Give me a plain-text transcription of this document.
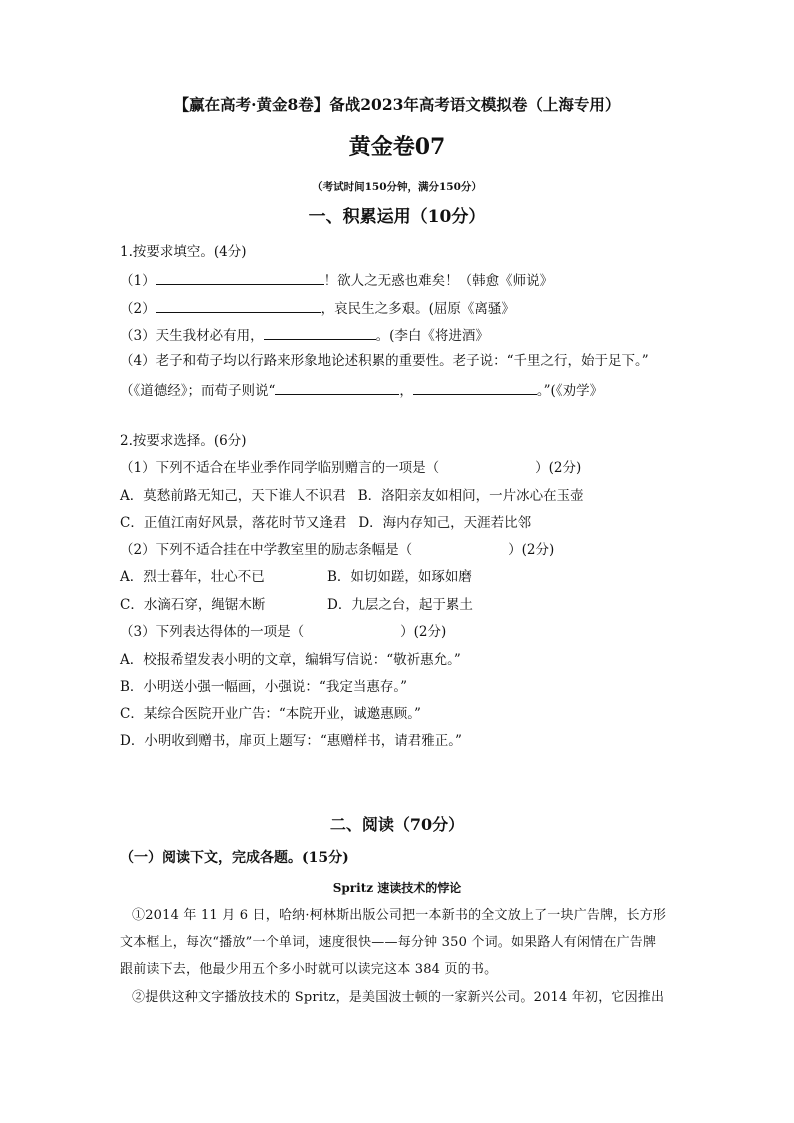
【赢在高考·黄金8卷】备战2023年高考语文模拟卷（上海专用）
黄金卷07
（考试时间150分钟，满分150分）
一、积累运用（10分）
1.按要求填空。(4分)
（1）	！欲人之无惑也难矣！（韩愈《师说》
（2）	，哀民生之多艰。(屈原《离骚》
（3）天生我材必有用，	。(李白《将进酒》
（4）老子和荀子均以行路来形象地论述积累的重要性。老子说：“千里之行，始于足下。”
（《道德经》；而荀子则说“	，	。”(《劝学》
2.按要求选择。(6分)
（1）下列不适合在毕业季作同学临别赠言的一项是（	）(2分)
A．莫愁前路无知己，天下谁人不识君 B．洛阳亲友如相问，一片冰心在玉壶
C．正值江南好风景，落花时节又逢君 D．海内存知己，天涯若比邻
（2）下列不适合挂在中学教室里的励志条幅是（	）(2分)
A．烈士暮年，壮心不已	B．如切如蹉，如琢如磨
C．水滴石穿，绳锯木断	D．九层之台，起于累土
（3）下列表达得体的一项是（	）(2分)
A．校报希望发表小明的文章，编辑写信说：“敬祈惠允。”
B．小明送小强一幅画，小强说：“我定当惠存。”
C．某综合医院开业广告：“本院开业，诚邀惠顾。”
D．小明收到赠书，扉页上题写：“惠赠样书，请君雅正。”
二、阅读（70分）
（一）阅读下文，完成各题。(15分)
Spritz 速读技术的悖论
①2014 年 11 月 6 日，哈纳·柯林斯出版公司把一本新书的全文放上了一块广告牌，长方形
文本框上，每次“播放”一个单词，速度很快——每分钟 350 个词。如果路人有闲情在广告牌
跟前读下去，他最少用五个多小时就可以读完这本 384 页的书。
②提供这种文字播放技术的 Spritz，是美国波士顿的一家新兴公司。2014 年初，它因推出
